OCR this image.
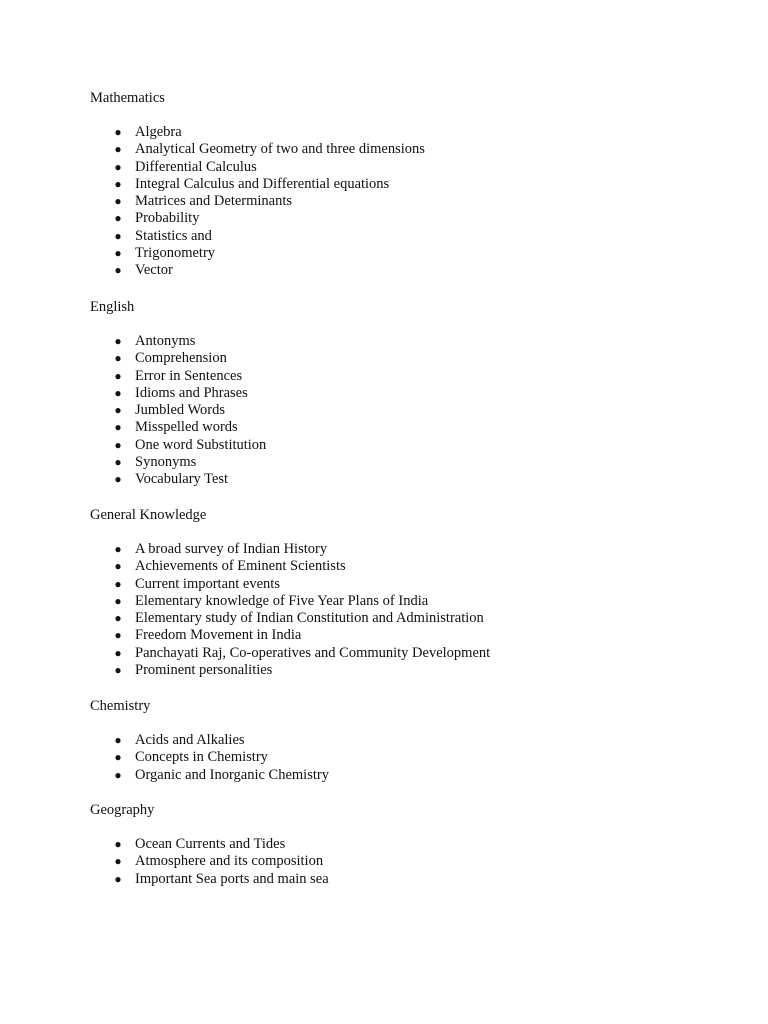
Mathematics
● Algebra
● Analytical Geometry of two and three dimensions
● Differential Calculus
● Integral Calculus and Differential equations
● Matrices and Determinants
● Probability
● Statistics and
● Trigonometry
● Vector
English
● Antonyms
● Comprehension
● Error in Sentences
● Idioms and Phrases
● Jumbled Words
● Misspelled words
● One word Substitution
● Synonyms
● Vocabulary Test
General Knowledge
● A broad survey of Indian History
● Achievements of Eminent Scientists
● Current important events
● Elementary knowledge of Five Year Plans of India
● Elementary study of Indian Constitution and Administration
● Freedom Movement in India
● Panchayati Raj, Co-operatives and Community Development
● Prominent personalities
Chemistry
● Acids and Alkalies
● Concepts in Chemistry
● Organic and Inorganic Chemistry
Geography
● Ocean Currents and Tides
● Atmosphere and its composition
● Important Sea ports and main sea
